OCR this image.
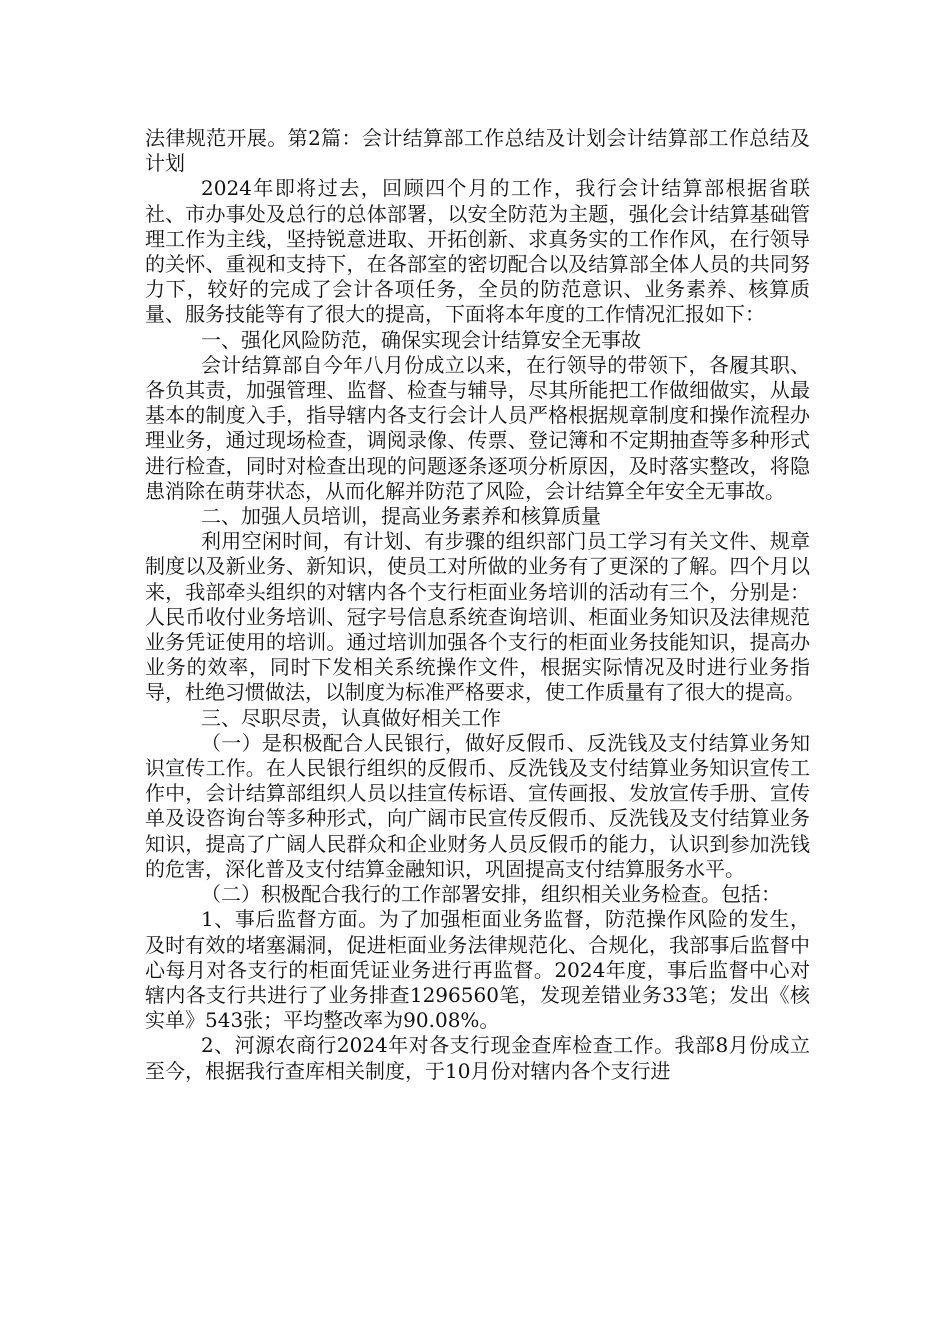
法律规范开展。第2篇：会计结算部工作总结及计划会计结算部工作总结及计划

2024年即将过去，回顾四个月的工作，我行会计结算部根据省联社、市办事处及总行的总体部署，以安全防范为主题，强化会计结算基础管理工作为主线，坚持锐意进取、开拓创新、求真务实的工作作风，在行领导的关怀、重视和支持下，在各部室的密切配合以及结算部全体人员的共同努力下，较好的完成了会计各项任务，全员的防范意识、业务素养、核算质量、服务技能等有了很大的提高，下面将本年度的工作情况汇报如下：

一、强化风险防范，确保实现会计结算安全无事故

会计结算部自今年八月份成立以来，在行领导的带领下，各履其职、各负其责，加强管理、监督、检查与辅导，尽其所能把工作做细做实，从最基本的制度入手，指导辖内各支行会计人员严格根据规章制度和操作流程办理业务，通过现场检查，调阅录像、传票、登记簿和不定期抽查等多种形式进行检查，同时对检查出现的问题逐条逐项分析原因，及时落实整改，将隐患消除在萌芽状态，从而化解并防范了风险，会计结算全年安全无事故。

二、加强人员培训，提高业务素养和核算质量

利用空闲时间，有计划、有步骤的组织部门员工学习有关文件、规章制度以及新业务、新知识，使员工对所做的业务有了更深的了解。四个月以来，我部牵头组织的对辖内各个支行柜面业务培训的活动有三个，分别是：人民币收付业务培训、冠字号信息系统查询培训、柜面业务知识及法律规范业务凭证使用的培训。通过培训加强各个支行的柜面业务技能知识，提高办业务的效率，同时下发相关系统操作文件，根据实际情况及时进行业务指导，杜绝习惯做法，以制度为标准严格要求，使工作质量有了很大的提高。

三、尽职尽责，认真做好相关工作

（一）是积极配合人民银行，做好反假币、反洗钱及支付结算业务知识宣传工作。在人民银行组织的反假币、反洗钱及支付结算业务知识宣传工作中，会计结算部组织人员以挂宣传标语、宣传画报、发放宣传手册、宣传单及设咨询台等多种形式，向广阔市民宣传反假币、反洗钱及支付结算业务知识，提高了广阔人民群众和企业财务人员反假币的能力，认识到参加洗钱的危害，深化普及支付结算金融知识，巩固提高支付结算服务水平。

（二）积极配合我行的工作部署安排，组织相关业务检查。包括：

1、事后监督方面。为了加强柜面业务监督，防范操作风险的发生，及时有效的堵塞漏洞，促进柜面业务法律规范化、合规化，我部事后监督中心每月对各支行的柜面凭证业务进行再监督。2024年度，事后监督中心对辖内各支行共进行了业务排查1296560笔，发现差错业务33笔；发出《核实单》543张；平均整改率为90.08%。

2、河源农商行2024年对各支行现金查库检查工作。我部8月份成立至今，根据我行查库相关制度，于10月份对辖内各个支行进
